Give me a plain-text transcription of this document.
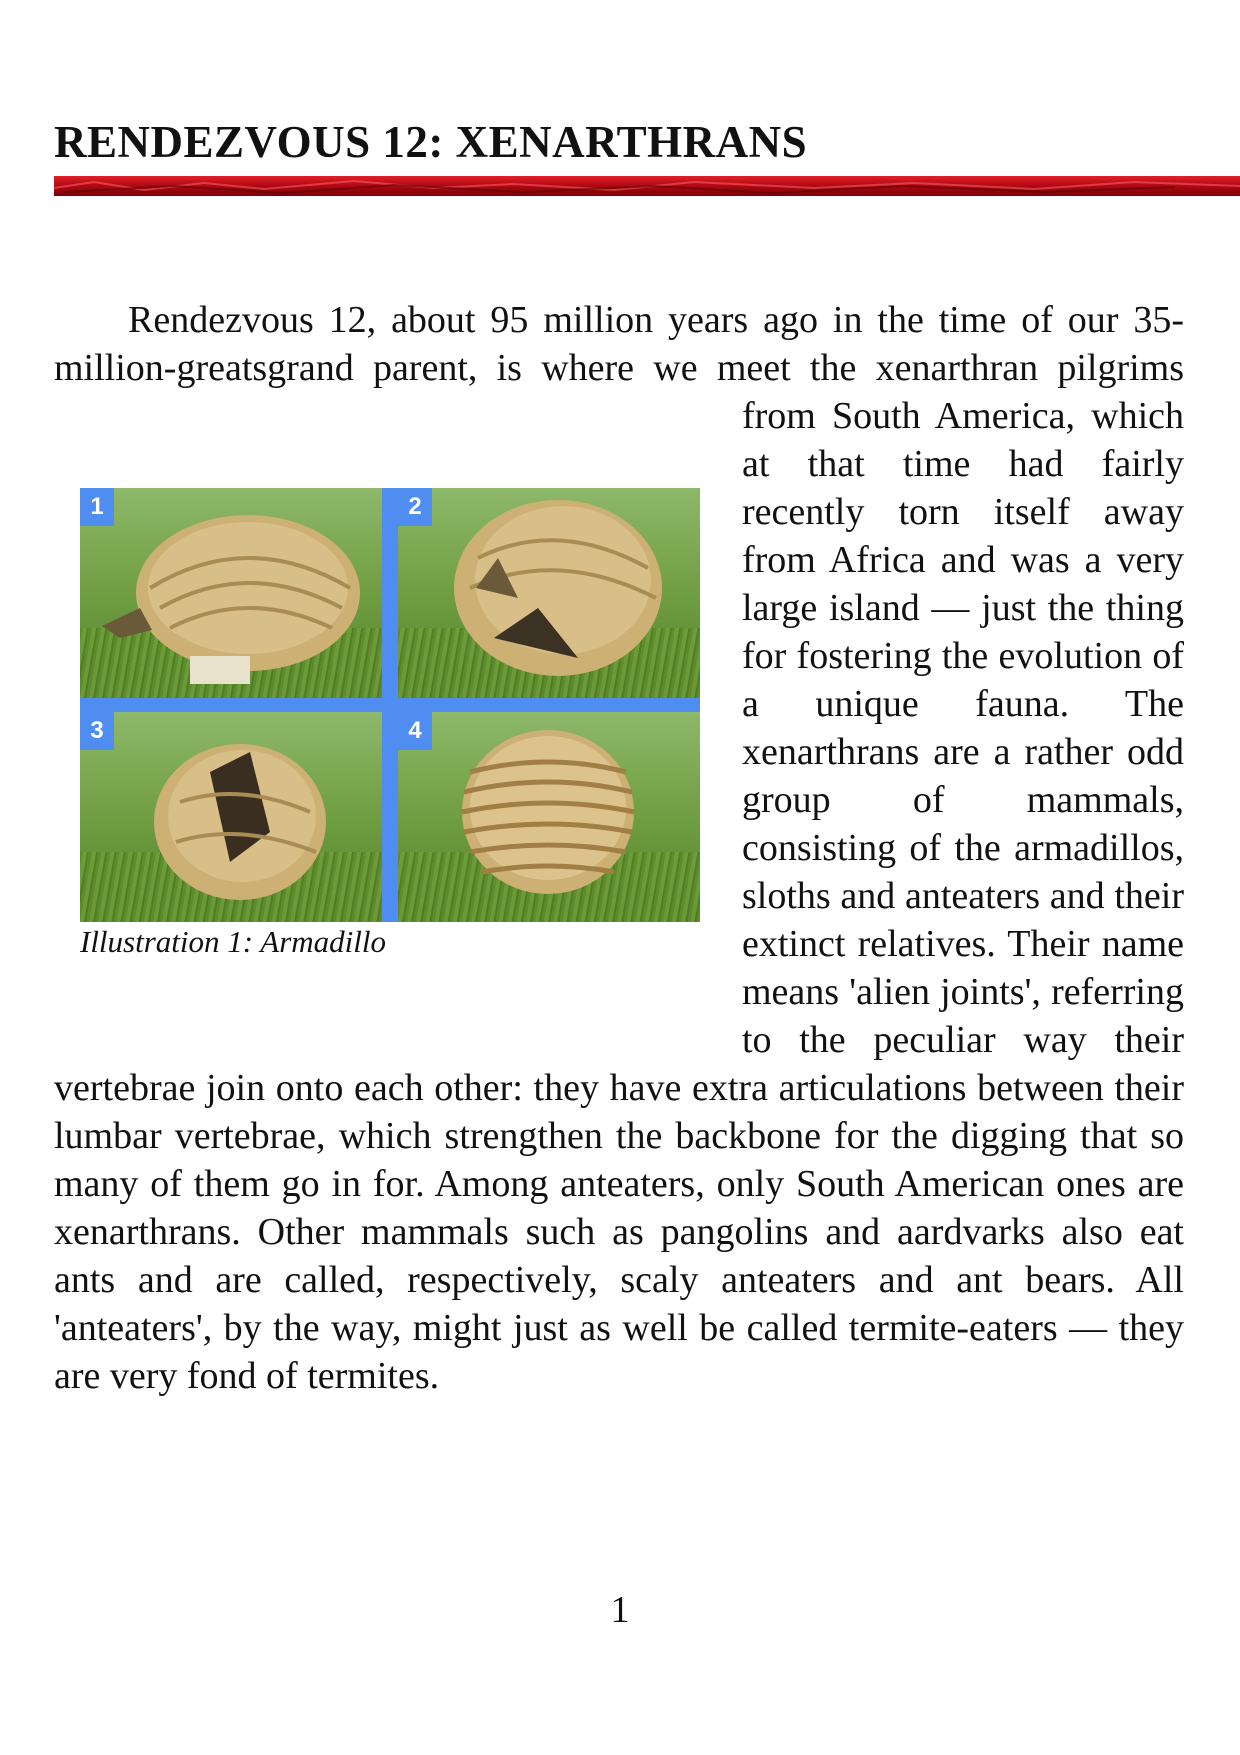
RENDEZVOUS 12: XENARTHRANS

Rendezvous 12, about 95 million years ago in the time of our 35-million-greatsgrand parent, is where we meet the xenarthran
1	2
3	4
Illustration 1: Armadillo
pilgrims from South America, which at that time had fairly recently torn itself away from Africa and was a very large island — just the thing for fostering the evolution of a unique fauna. The xenarthrans are a rather odd group of mammals, consisting of the armadillos, sloths and anteaters and their extinct relatives. Their name means 'alien joints', referring to the peculiar way their vertebrae join onto each other: they have extra articulations between their lumbar vertebrae, which strengthen the backbone for the digging that so many of them go in for. Among anteaters, only South American ones are xenarthrans. Other mammals such as pangolins and aardvarks also eat ants and are called, respectively, scaly anteaters and ant bears. All 'anteaters', by the way, might just as well be called termite-eaters — they are very fond of termites.

1
